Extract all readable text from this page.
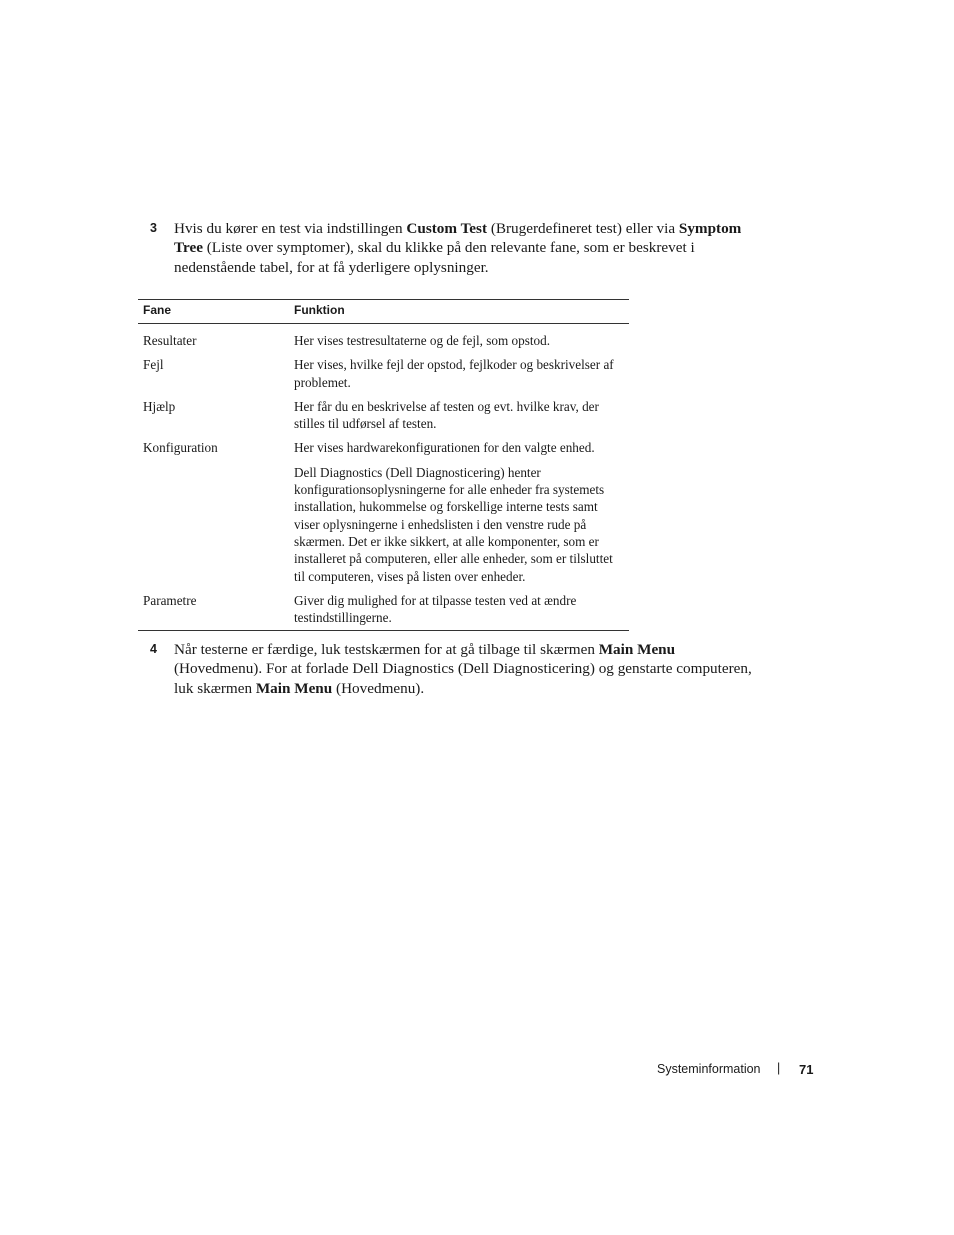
3 Hvis du kører en test via indstillingen Custom Test (Brugerdefineret test) eller via Symptom Tree (Liste over symptomer), skal du klikke på den relevante fane, som er beskrevet i nedenstående tabel, for at få yderligere oplysninger.
Fane	Funktion
Resultater	Her vises testresultaterne og de fejl, som opstod.
Fejl	Her vises, hvilke fejl der opstod, fejlkoder og beskrivelser af problemet.
Hjælp	Her får du en beskrivelse af testen og evt. hvilke krav, der stilles til udførsel af testen.
Konfiguration	Her vises hardwarekonfigurationen for den valgte enhed.
	Dell Diagnostics (Dell Diagnosticering) henter konfigurationsoplysningerne for alle enheder fra systemets installation, hukommelse og forskellige interne tests samt viser oplysningerne i enhedslisten i den venstre rude på skærmen. Det er ikke sikkert, at alle komponenter, som er installeret på computeren, eller alle enheder, som er tilsluttet til computeren, vises på listen over enheder.
Parametre	Giver dig mulighed for at tilpasse testen ved at ændre testindstillingerne.
4 Når testerne er færdige, luk testskærmen for at gå tilbage til skærmen Main Menu (Hovedmenu). For at forlade Dell Diagnostics (Dell Diagnosticering) og genstarte computeren, luk skærmen Main Menu (Hovedmenu).
Systeminformation | 71
